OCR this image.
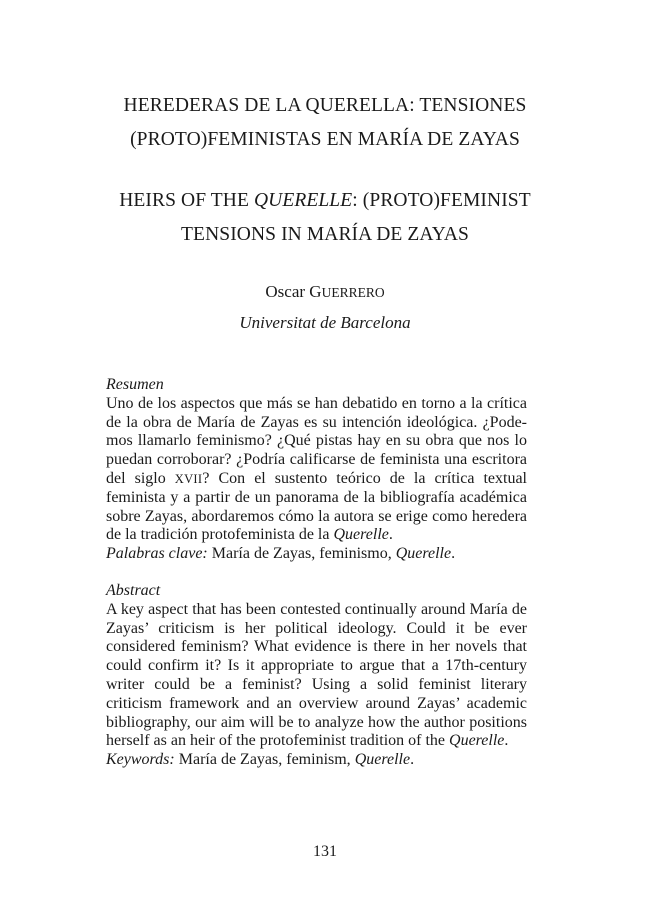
HEREDERAS DE LA QUERELLA: TENSIONES
(PROTO)FEMINISTAS EN MARÍA DE ZAYAS
HEIRS OF THE QUERELLE: (PROTO)FEMINIST
TENSIONS IN MARÍA DE ZAYAS
Oscar GUERRERO
Universitat de Barcelona
Resumen
Uno de los aspectos que más se han debatido en torno a la crítica
de la obra de María de Zayas es su intención ideológica. ¿Pode-
mos llamarlo feminismo? ¿Qué pistas hay en su obra que nos lo
puedan corroborar? ¿Podría calificarse de feminista una escritora
del siglo XVII? Con el sustento teórico de la crítica textual
feminista y a partir de un panorama de la bibliografía académica
sobre Zayas, abordaremos cómo la autora se erige como heredera
de la tradición protofeminista de la Querelle.
Palabras clave: María de Zayas, feminismo, Querelle.
Abstract
A key aspect that has been contested continually around María de
Zayas’ criticism is her political ideology. Could it be ever
considered feminism? What evidence is there in her novels that
could confirm it? Is it appropriate to argue that a 17th-century
writer could be a feminist? Using a solid feminist literary
criticism framework and an overview around Zayas’ academic
bibliography, our aim will be to analyze how the author positions
herself as an heir of the protofeminist tradition of the Querelle.
Keywords: María de Zayas, feminism, Querelle.
131
